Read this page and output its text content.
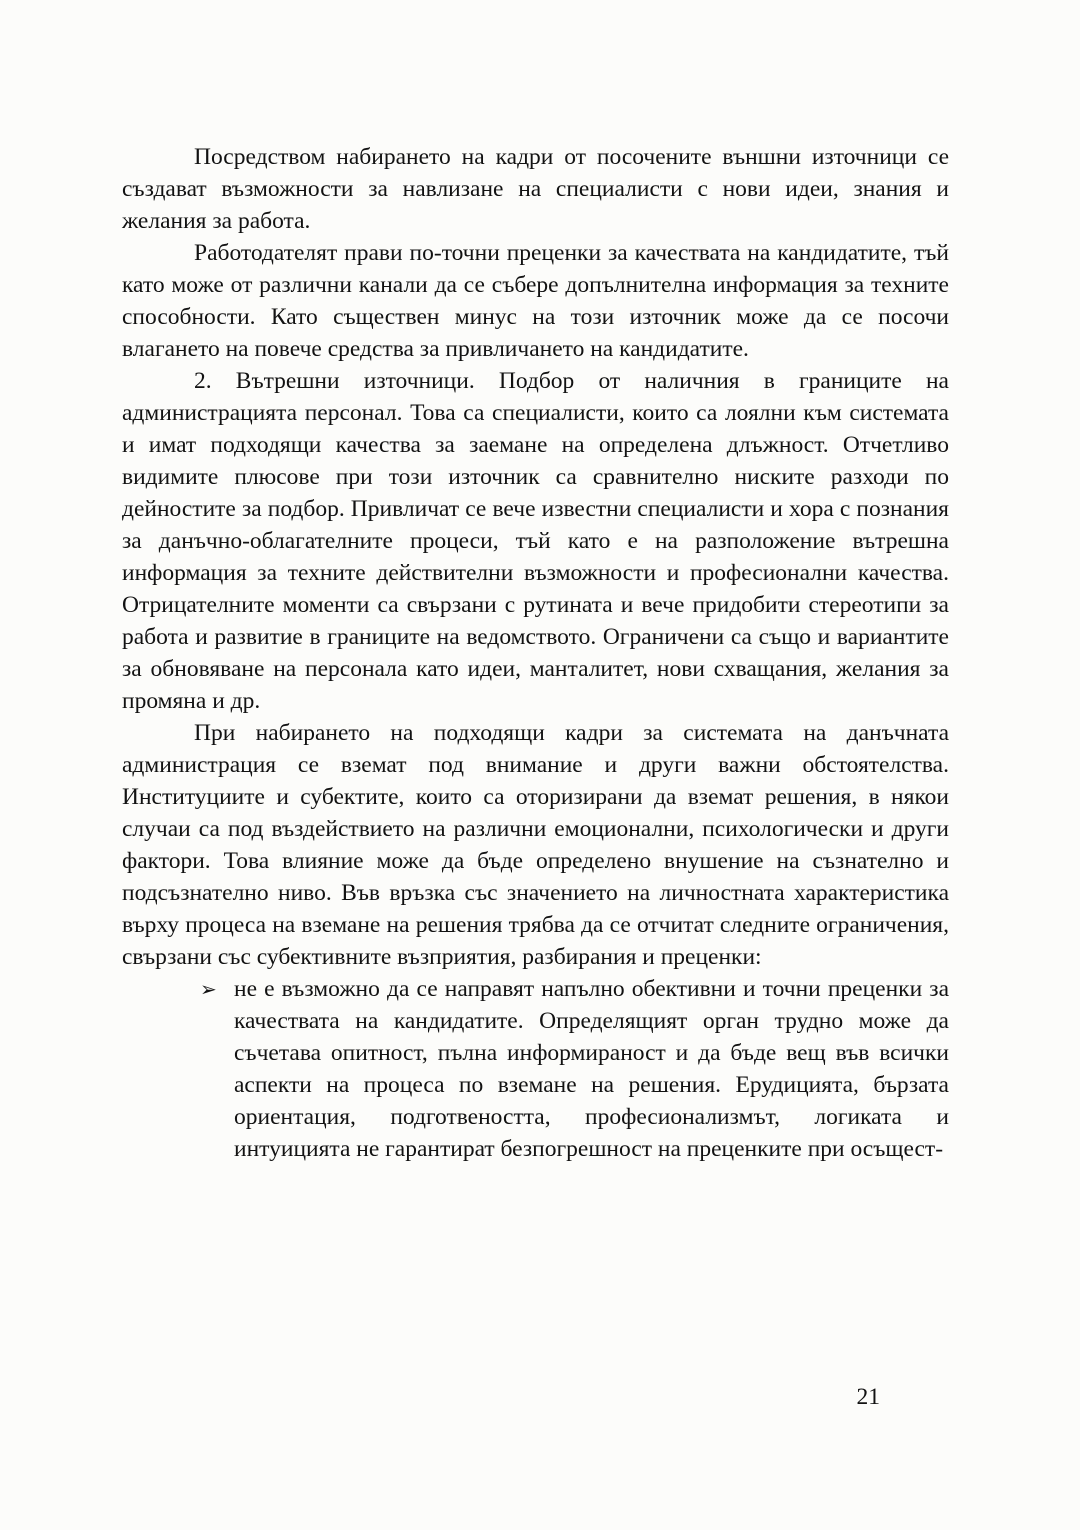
Посредством набирането на кадри от посочените външни източници се създават възможности за навлизане на специалисти с нови идеи, знания и желания за работа.

Работодателят прави по-точни преценки за качествата на кандидатите, тъй като може от различни канали да се събере допълнителна информация за техните способности. Като съществен минус на този източник може да се посочи влагането на повече средства за привличането на кандидатите.

2. Вътрешни източници. Подбор от наличния в границите на администрацията персонал. Това са специалисти, които са лоялни към системата и имат подходящи качества за заемане на определена длъжност. Отчетливо видимите плюсове при този източник са сравнително ниските разходи по дейностите за подбор. Привличат се вече известни специалисти и хора с познания за данъчно-облагателните процеси, тъй като е на разположение вътрешна информация за техните действителни възможности и професионални качества. Отрицателните моменти са свързани с рутината и вече придобити стереотипи за работа и развитие в границите на ведомството. Ограничени са също и вариантите за обновяване на персонала като идеи, манталитет, нови схващания, желания за промяна и др.

При набирането на подходящи кадри за системата на данъчната администрация се вземат под внимание и други важни обстоятелства. Институциите и субектите, които са оторизирани да вземат решения, в някои случаи са под въздействието на различни емоционални, психологически и други фактори. Това влияние може да бъде определено внушение на съзнателно и подсъзнателно ниво. Във връзка със значението на личностната характеристика върху процеса на вземане на решения трябва да се отчитат следните ограничения, свързани със субективните възприятия, разбирания и преценки:

➢ не е възможно да се направят напълно обективни и точни преценки за качествата на кандидатите. Определящият орган трудно може да съчетава опитност, пълна информираност и да бъде вещ във всички аспекти на процеса по вземане на решения. Ерудицията, бързата ориентация, подготвеността, професионализмът, логиката и интуицията не гарантират безпогрешност на преценките при осъщест-
21
